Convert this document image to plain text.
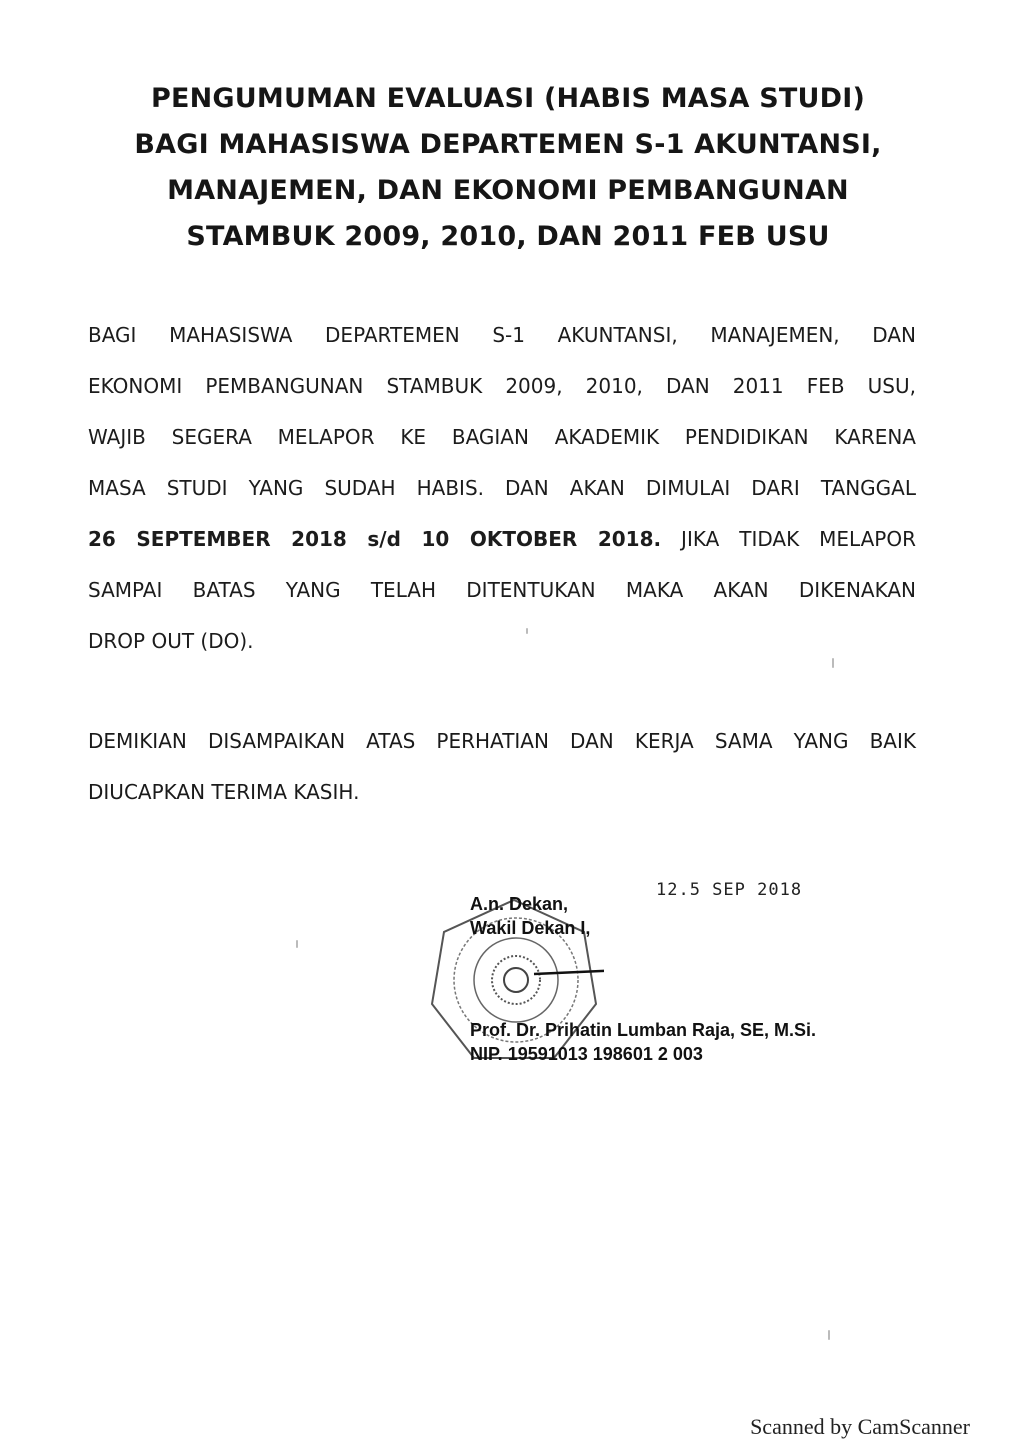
PENGUMUMAN EVALUASI (HABIS MASA STUDI)
BAGI MAHASISWA DEPARTEMEN S-1 AKUNTANSI,
MANAJEMEN, DAN EKONOMI PEMBANGUNAN
STAMBUK 2009, 2010, DAN 2011 FEB USU
BAGI MAHASISWA DEPARTEMEN S-1 AKUNTANSI, MANAJEMEN, DAN
EKONOMI PEMBANGUNAN STAMBUK 2009, 2010, DAN 2011 FEB USU,
WAJIB SEGERA MELAPOR KE BAGIAN AKADEMIK PENDIDIKAN KARENA
MASA STUDI YANG SUDAH HABIS. DAN AKAN DIMULAI DARI TANGGAL
26 SEPTEMBER 2018 s/d 10 OKTOBER 2018. JIKA TIDAK MELAPOR
SAMPAI BATAS YANG TELAH DITENTUKAN MAKA AKAN DIKENAKAN
DROP OUT (DO).
DEMIKIAN DISAMPAIKAN ATAS PERHATIAN DAN KERJA SAMA YANG BAIK
DIUCAPKAN TERIMA KASIH.
12.5 SEP 2018
A.n. Dekan,
Wakil Dekan I,
Prof. Dr. Prihatin Lumban Raja, SE, M.Si.
NIP. 19591013 198601 2 003
Scanned by CamScanner
